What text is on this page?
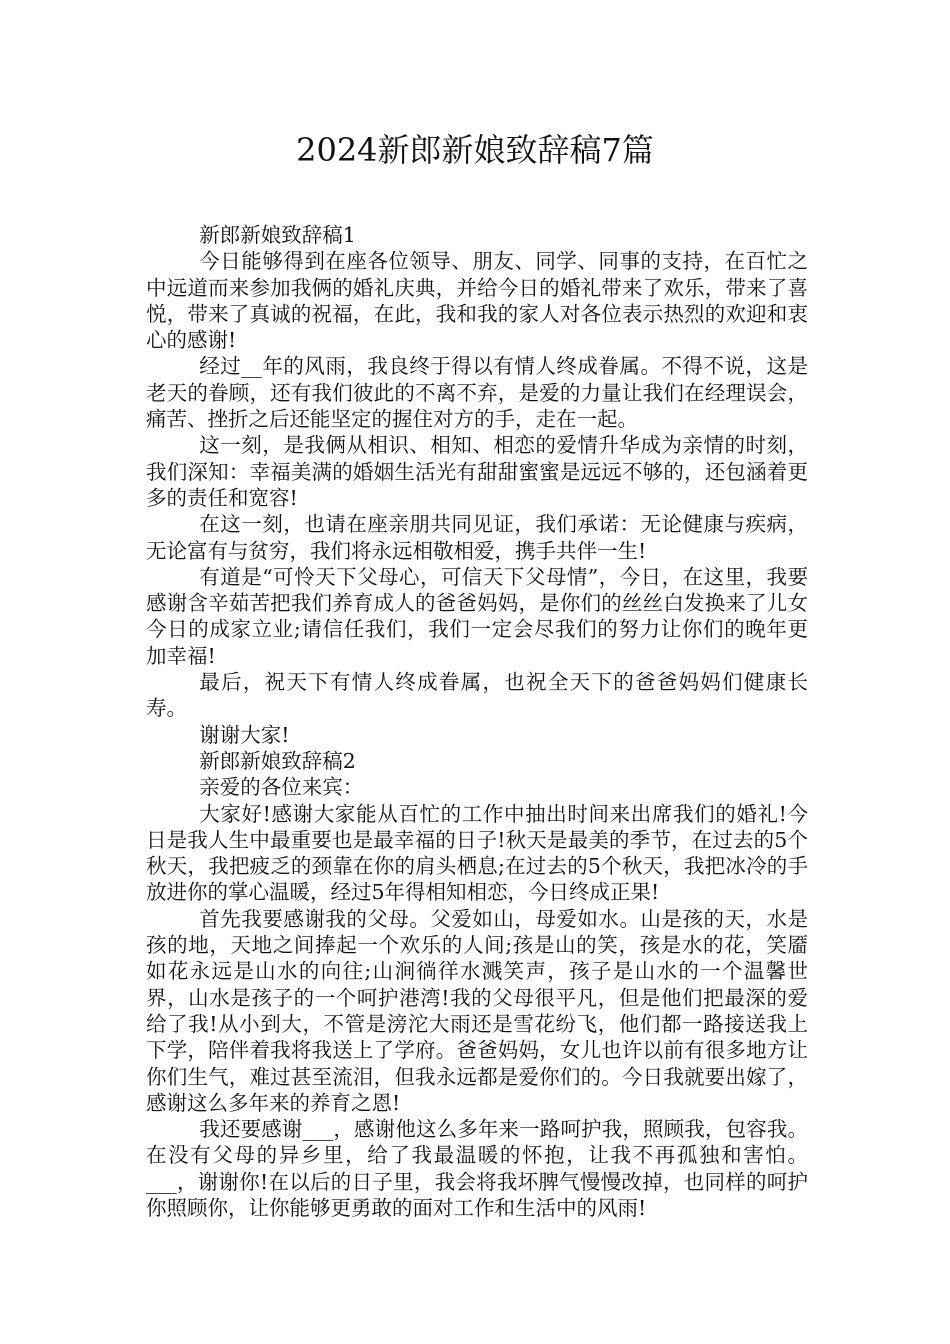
2024新郎新娘致辞稿7篇

新郎新娘致辞稿1

今日能够得到在座各位领导、朋友、同学、同事的支持，在百忙之中远道而来参加我俩的婚礼庆典，并给今日的婚礼带来了欢乐，带来了喜悦，带来了真诚的祝福，在此，我和我的家人对各位表示热烈的欢迎和衷心的感谢!

经过__年的风雨，我良终于得以有情人终成眷属。不得不说，这是老天的眷顾，还有我们彼此的不离不弃，是爱的力量让我们在经理误会，痛苦、挫折之后还能坚定的握住对方的手，走在一起。

这一刻，是我俩从相识、相知、相恋的爱情升华成为亲情的时刻，我们深知：幸福美满的婚姻生活光有甜甜蜜蜜是远远不够的，还包涵着更多的责任和宽容!

在这一刻，也请在座亲朋共同见证，我们承诺：无论健康与疾病，无论富有与贫穷，我们将永远相敬相爱，携手共伴一生!

有道是“可怜天下父母心，可信天下父母情”，今日，在这里，我要感谢含辛茹苦把我们养育成人的爸爸妈妈，是你们的丝丝白发换来了儿女今日的成家立业;请信任我们，我们一定会尽我们的努力让你们的晚年更加幸福!

最后，祝天下有情人终成眷属，也祝全天下的爸爸妈妈们健康长寿。

谢谢大家!

新郎新娘致辞稿2

亲爱的各位来宾：

大家好!感谢大家能从百忙的工作中抽出时间来出席我们的婚礼!今日是我人生中最重要也是最幸福的日子!秋天是最美的季节，在过去的5个秋天，我把疲乏的颈靠在你的肩头栖息;在过去的5个秋天，我把冰冷的手放进你的掌心温暖，经过5年得相知相恋，今日终成正果!

首先我要感谢我的父母。父爱如山，母爱如水。山是孩的天，水是孩的地，天地之间捧起一个欢乐的人间;孩是山的笑，孩是水的花，笑靥如花永远是山水的向往;山涧徜徉水溅笑声，孩子是山水的一个温馨世界，山水是孩子的一个呵护港湾!我的父母很平凡，但是他们把最深的爱给了我!从小到大，不管是滂沱大雨还是雪花纷飞，他们都一路接送我上下学，陪伴着我将我送上了学府。爸爸妈妈，女儿也许以前有很多地方让你们生气，难过甚至流泪，但我永远都是爱你们的。今日我就要出嫁了，感谢这么多年来的养育之恩!

我还要感谢___，感谢他这么多年来一路呵护我，照顾我，包容我。在没有父母的异乡里，给了我最温暖的怀抱，让我不再孤独和害怕。___，谢谢你!在以后的日子里，我会将我坏脾气慢慢改掉，也同样的呵护你照顾你，让你能够更勇敢的面对工作和生活中的风雨!
